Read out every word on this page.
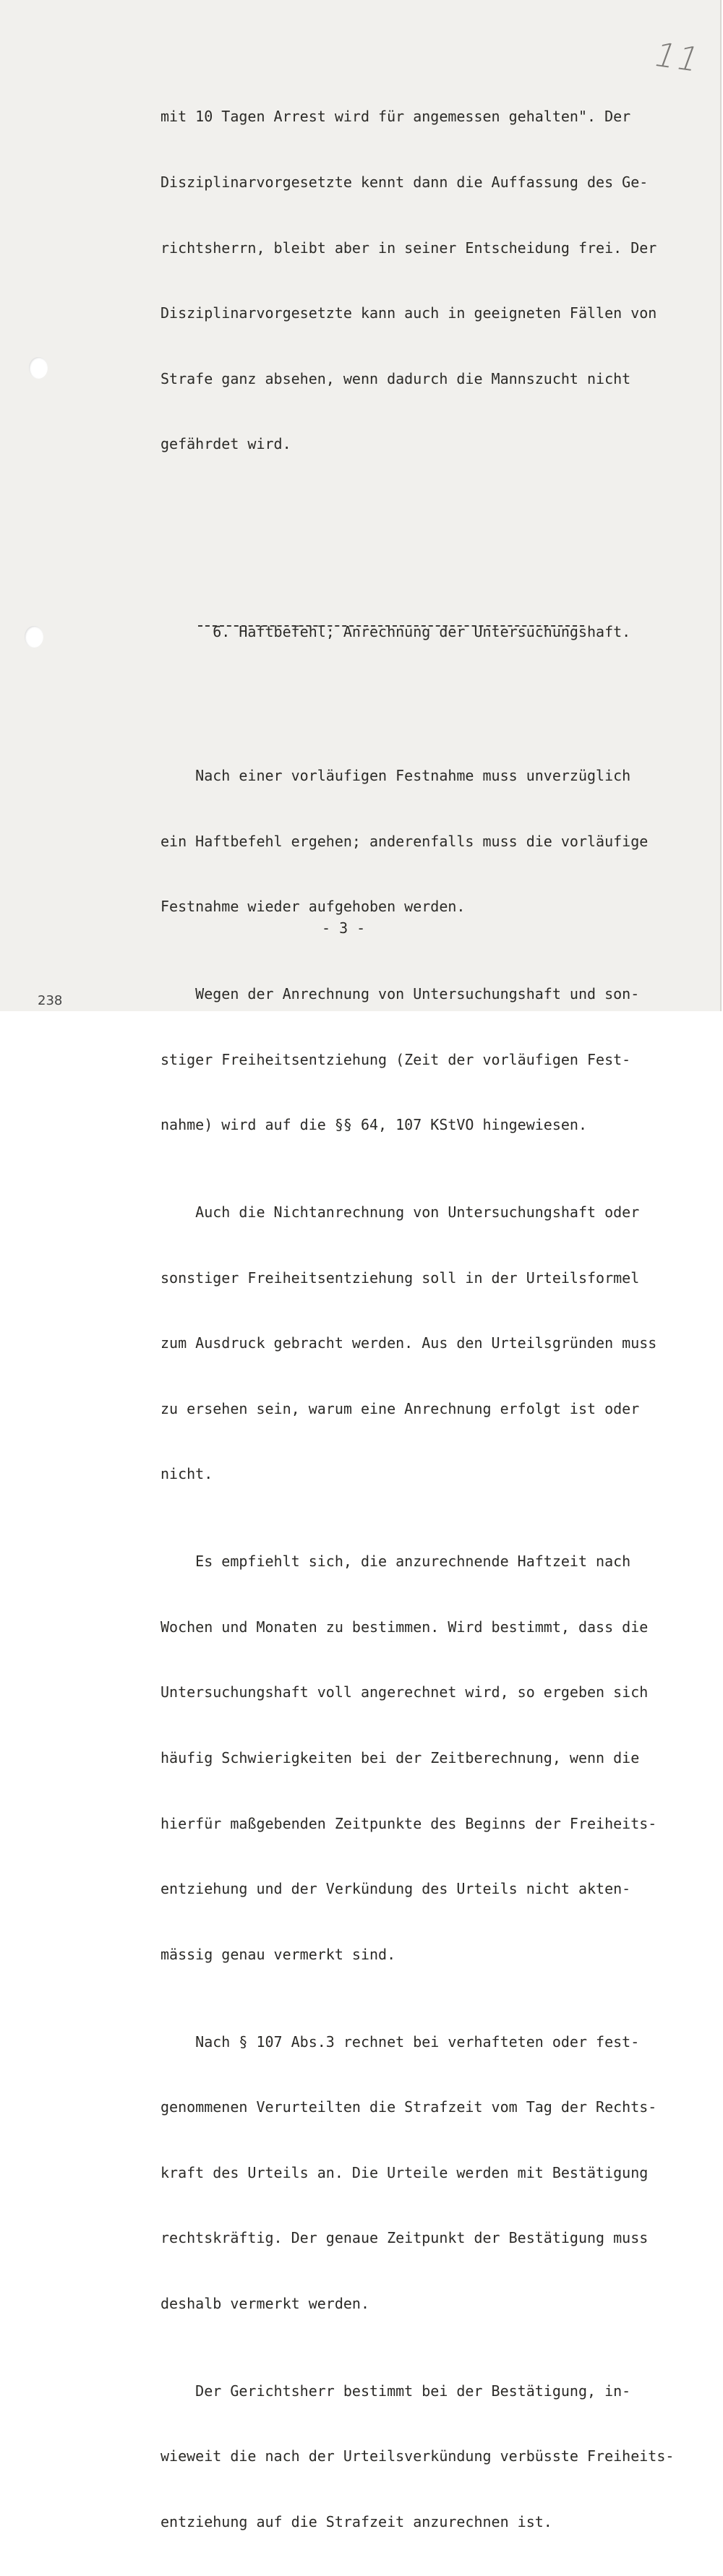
11

mit 10 Tagen Arrest wird für angemessen gehalten". Der

Disziplinarvorgesetzte kennt dann die Auffassung des Ge-

richtsherrn, bleibt aber in seiner Entscheidung frei. Der

Disziplinarvorgesetzte kann auch in geeigneten Fällen von

Strafe ganz absehen, wenn dadurch die Mannszucht nicht

gefährdet wird.

6. Haftbefehl; Anrechnung der Untersuchungshaft.

Nach einer vorläufigen Festnahme muss unverzüglich

ein Haftbefehl ergehen; anderenfalls muss die vorläufige

Festnahme wieder aufgehoben werden.

Wegen der Anrechnung von Untersuchungshaft und son-

stiger Freiheitsentziehung (Zeit der vorläufigen Fest-

nahme) wird auf die §§ 64, 107 KStVO hingewiesen.

Auch die Nichtanrechnung von Untersuchungshaft oder

sonstiger Freiheitsentziehung soll in der Urteilsformel

zum Ausdruck gebracht werden. Aus den Urteilsgründen muss

zu ersehen sein, warum eine Anrechnung erfolgt ist oder

nicht.

Es empfiehlt sich, die anzurechnende Haftzeit nach

Wochen und Monaten zu bestimmen. Wird bestimmt, dass die

Untersuchungshaft voll angerechnet wird, so ergeben sich

häufig Schwierigkeiten bei der Zeitberechnung, wenn die

hierfür maßgebenden Zeitpunkte des Beginns der Freiheits-

entziehung und der Verkündung des Urteils nicht akten-

mässig genau vermerkt sind.

Nach § 107 Abs.3 rechnet bei verhafteten oder fest-

genommenen Verurteilten die Strafzeit vom Tag der Rechts-

kraft des Urteils an. Die Urteile werden mit Bestätigung

rechtskräftig. Der genaue Zeitpunkt der Bestätigung muss

deshalb vermerkt werden.

Der Gerichtsherr bestimmt bei der Bestätigung, in-

wieweit die nach der Urteilsverkündung verbüsste Freiheits-

entziehung auf die Strafzeit anzurechnen ist.

- 3 -
238
